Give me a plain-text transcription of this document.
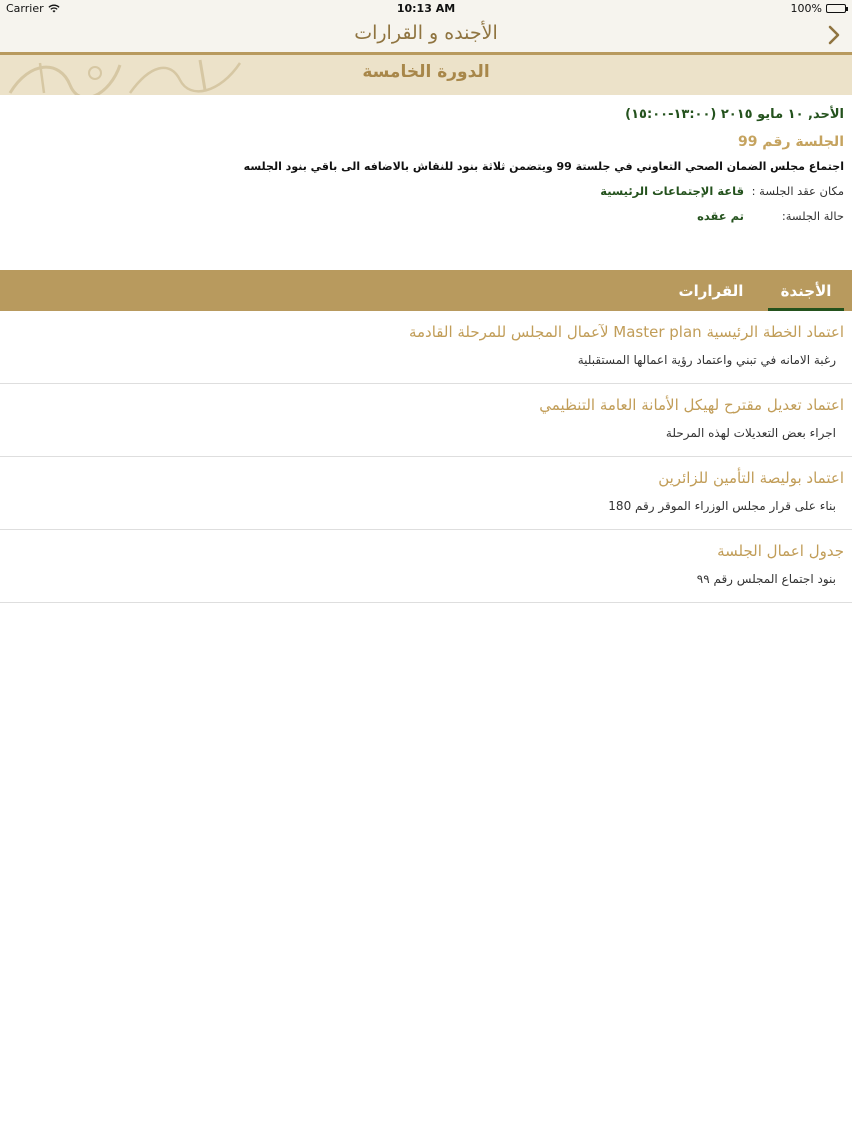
Carrier	10:13 AM	100%
الأجنده و القرارات
الدورة الخامسة
الأحد, ١٠ مايو ٢٠١٥ (١٣:٠٠-١٥:٠٠)
الجلسة رقم 99
اجتماع مجلس الضمان الصحي التعاوني في جلستة 99 ويتضمن ثلاثة بنود للنقاش بالاضافه الى باقي بنود الجلسه
مكان عقد الجلسة :
قاعة الإجتماعات الرئيسية
حالة الجلسة:
تم عقده
الأجندة
القرارات
اعتماد الخطة الرئيسية Master plan لآعمال المجلس للمرحلة القادمة
رغبة الامانه في تبني واعتماد رؤية اعمالها المستقبلية
اعتماد تعديل مقترح لهيكل الأمانة العامة التنظيمي
اجراء بعض التعديلات لهذه المرحلة
اعتماد بوليصة التأمين للزائرين
بناء على قرار مجلس الوزراء الموقر رقم 180
جدول اعمال الجلسة
بنود اجتماع المجلس رقم ٩٩
